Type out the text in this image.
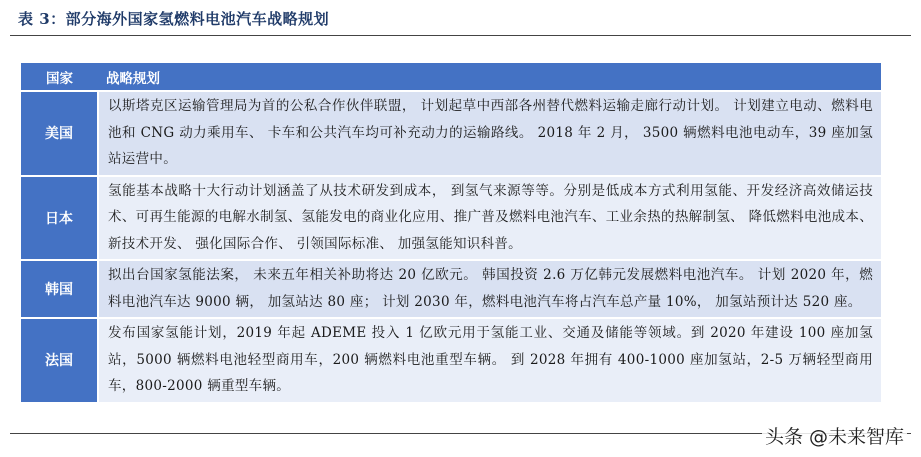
表 3：部分海外国家氢燃料电池汽车战略规划
国家	战略规划
美国	以斯塔克区运输管理局为首的公私合作伙伴联盟， 计划起草中西部各州替代燃料运输走廊行动计划。 计划建立电动、燃料电池和 CNG 动力乘用车、 卡车和公共汽车均可补充动力的运输路线。 2018 年 2 月， 3500 辆燃料电池电动车，39 座加氢站运营中。
日本	氢能基本战略十大行动计划涵盖了从技术研发到成本， 到氢气来源等等。分别是低成本方式利用氢能、开发经济高效储运技术、可再生能源的电解水制氢、氢能发电的商业化应用、推广普及燃料电池汽车、工业余热的热解制氢、 降低燃料电池成本、 新技术开发、 强化国际合作、 引领国际标准、 加强氢能知识科普。
韩国	拟出台国家氢能法案， 未来五年相关补助将达 20 亿欧元。 韩国投资 2.6 万亿韩元发展燃料电池汽车。 计划 2020 年，燃料电池汽车达 9000 辆， 加氢站达 80 座； 计划 2030 年，燃料电池汽车将占汽车总产量 10%， 加氢站预计达 520 座。
法国	发布国家氢能计划，2019 年起 ADEME 投入 1 亿欧元用于氢能工业、交通及储能等领域。到 2020 年建设 100 座加氢站，5000 辆燃料电池轻型商用车，200 辆燃料电池重型车辆。 到 2028 年拥有 400-1000 座加氢站，2-5 万辆轻型商用车，800-2000 辆重型车辆。
头条 @未来智库
